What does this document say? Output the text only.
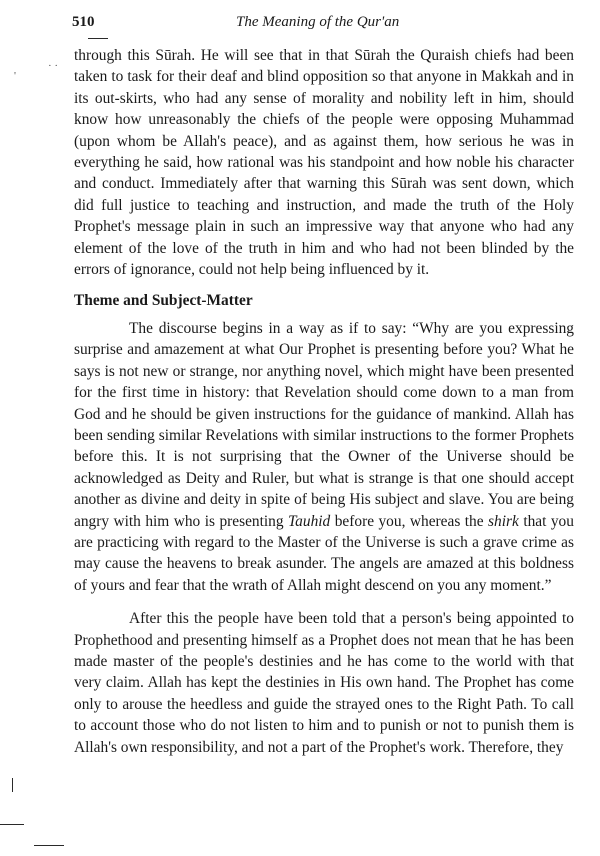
510	The Meaning of the Qur'an
· ·
'

through this Sūrah. He will see that in that Sūrah the Quraish chiefs had been taken to task for their deaf and blind opposition so that anyone in Makkah and in its out-skirts, who had any sense of morality and nobility left in him, should know how unreasonably the chiefs of the people were opposing Muhammad (upon whom be Allah's peace), and as against them, how serious he was in everything he said, how rational was his standpoint and how noble his character and conduct. Immediately after that warning this Sūrah was sent down, which did full justice to teaching and instruction, and made the truth of the Holy Prophet's message plain in such an impressive way that anyone who had any element of the love of the truth in him and who had not been blinded by the errors of ignorance, could not help being influenced by it.

Theme and Subject-Matter

The discourse begins in a way as if to say: “Why are you expressing surprise and amazement at what Our Prophet is presenting before you? What he says is not new or strange, nor anything novel, which might have been presented for the first time in history: that Revelation should come down to a man from God and he should be given instructions for the guidance of mankind. Allah has been sending similar Revelations with similar instructions to the former Prophets before this. It is not surprising that the Owner of the Universe should be acknowledged as Deity and Ruler, but what is strange is that one should accept another as divine and deity in spite of being His subject and slave. You are being angry with him who is presenting Tauhid before you, whereas the shirk that you are practicing with regard to the Master of the Universe is such a grave crime as may cause the heavens to break asunder. The angels are amazed at this boldness of yours and fear that the wrath of Allah might descend on you any moment.”

After this the people have been told that a person's being appointed to Prophethood and presenting himself as a Prophet does not mean that he has been made master of the people's destinies and he has come to the world with that very claim. Allah has kept the destinies in His own hand. The Prophet has come only to arouse the heedless and guide the strayed ones to the Right Path. To call to account those who do not listen to him and to punish or not to punish them is Allah's own responsibility, and not a part of the Prophet's work. Therefore, they
